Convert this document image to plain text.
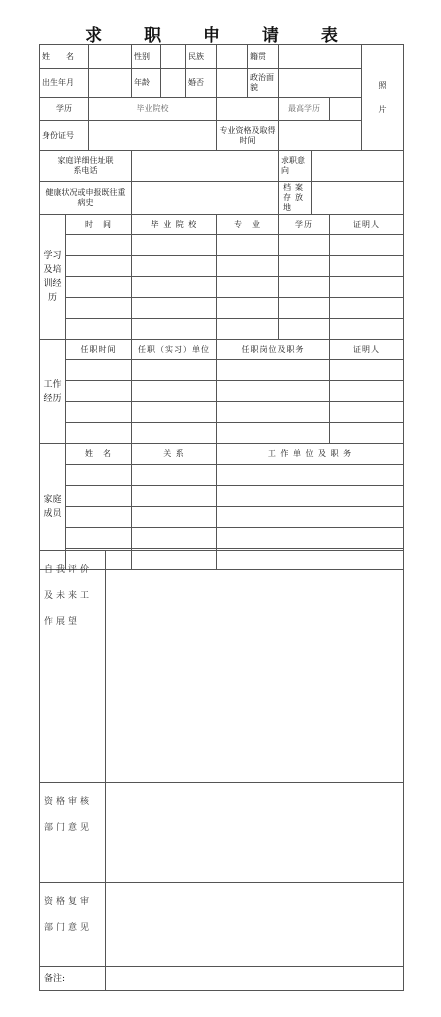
求 职 申 请 表
姓　　名			性别		民族		籍贯				照
片

出生年月			年龄		婚否		政治面貌				
学历		毕业院校						最高学历			
身份证号						专业资格及取得时间					
家庭详细住址联系电话								求职意向			
健康状况或申报既往重病史								档案存放地			
学习及培训经历	时　间		毕 业 院 校			专　业		学历		证明人	

工作经历	任职时间		任职（实习）单位			任职岗位及职务				证明人	

家庭成员	姓　名		关 系			工 作 单 位 及 职 务					

自我评价及未来工作展望	
资格审核部门意见	
资格复审部门意见	
备注:	
